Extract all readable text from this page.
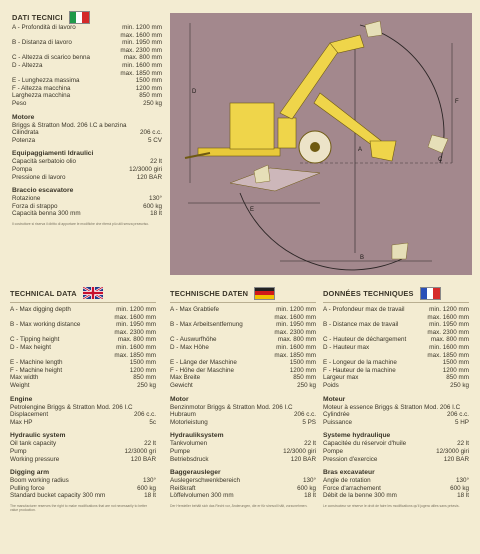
DATI TECNICI
A - Profondità di lavoro	min. 1200 mm
max. 1600 mm
B - Distanza di lavoro	min. 1950 mm
max. 2300 mm
C - Altezza di scarico benna	max. 800 mm
D - Altezza	min. 1600 mm
max. 1850 mm
E - Lunghezza massima	1500 mm
F - Altezza macchina	1200 mm
Larghezza macchina	850 mm
Peso	250 kg
Motore
Briggs & Stratton Mod. 206 I.C a benzina
Cilindrata	206 c.c.
Potenza	5 CV
Equipaggiamenti Idraulici
Capacità serbatoio olio	22 lt
Pompa	12/3000 giri
Pressione di lavoro	120 BAR
Braccio escavatore
Rotazione	130°
Forza di strappo	600 kg
Capacità benna 300 mm	18 lt
Il costruttore si riserva il diritto di apportare le modifiche che riterrà più utili senza preavviso.
A
B
C
D
E
F
TECHNICAL DATA
A - Max digging depth	min. 1200 mm
max. 1600 mm
B - Max working distance	min. 1950 mm
max. 2300 mm
C - Tipping height	max. 800 mm
D - Max height	min. 1600 mm
max. 1850 mm
E - Machine length	1500 mm
F - Machine height	1200 mm
Max width	850 mm
Weight	250 kg
Engine
Petrolengine Briggs & Stratton Mod. 206 I.C
Displacement	206 c.c.
Max HP	5c
Hydraulic system
Oil tank capacity	22 lt
Pump	12/3000 gri
Working pressure	120 BAR
Digging arm
Boom working radius	130°
Pulling force	600 kg
Standard bucket capacity 300 mm	18 lt
The manufacturer reserves the right to make modifications that are not necessarily to better value production.
TECHNISCHE DATEN
A - Max Grabtiefe	min. 1200 mm
max. 1600 mm
B - Max Arbeitsentfernung	min. 1950 mm
max. 2300 mm
C - Auswurfhöhe	max. 800 mm
D - Max Höhe	min. 1600 mm
max. 1850 mm
E - Länge der Maschine	1500 mm
F - Höhe der Maschine	1200 mm
Max Breite	850 mm
Gewicht	250 kg
Motor
Benzinmotor Briggs & Stratton Mod. 206 I.C
Hubraum	206 c.c.
Motorleistung	5 PS
Hydrauliksystem
Tankvolumen	22 lt
Pumpe	12/3000 giri
Betriebsdruck	120 BAR
Baggerausleger
Auslegerschwenkbereich	130°
Reißkraft	600 kg
Löffelvolumen 300 mm	18 lt
Der Hersteller behält sich das Recht vor, Änderungen, die er für sinnvoll hält, vorzunehmen.
DONNÉES TECHNIQUES
A - Profondeur max de travail	min. 1200 mm
max. 1600 mm
B - Distance max de travail	min. 1950 mm
max. 2300 mm
C - Hauteur de déchargement	max. 800 mm
D - Hauteur max	min. 1600 mm
max. 1850 mm
E - Longeur de la machine	1500 mm
F - Hauteur de la machine	1200 mm
Largeur max	850 mm
Poids	250 kg
Moteur
Moteur à essence Briggs & Stratton Mod. 206 I.C
Cylindrée	206 c.c.
Puissance	5 HP
Systeme hydraulique
Capacitée du réservoir d'huile	22 lt
Pompe	12/3000 giri
Pression d'exercice	120 BAR
Bras excavateur
Angle de rotation	130°
Force d'arrachement	600 kg
Débit de la benne 300 mm	18 lt
Le constructeur se réserve le droit de faire les modifications qu'il jugera utiles sans préavis.
